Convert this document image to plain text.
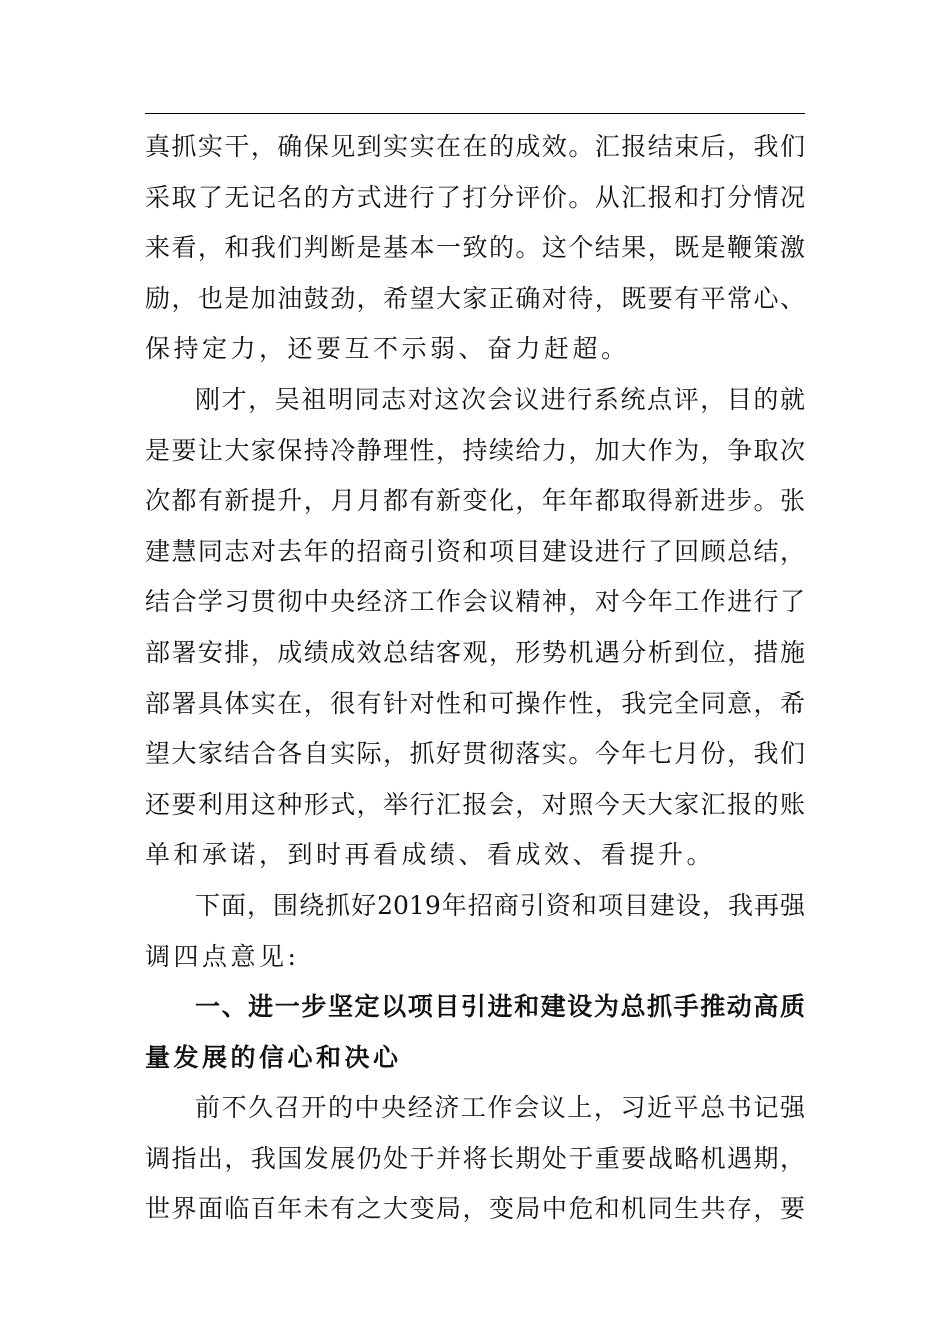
真抓实干，确保见到实实在在的成效。汇报结束后，我们
采取了无记名的方式进行了打分评价。从汇报和打分情况
来看，和我们判断是基本一致的。这个结果，既是鞭策激
励，也是加油鼓劲，希望大家正确对待，既要有平常心、
保持定力，还要互不示弱、奋力赶超。
刚才，吴祖明同志对这次会议进行系统点评，目的就
是要让大家保持冷静理性，持续给力，加大作为，争取次
次都有新提升，月月都有新变化，年年都取得新进步。张
建慧同志对去年的招商引资和项目建设进行了回顾总结，
结合学习贯彻中央经济工作会议精神，对今年工作进行了
部署安排，成绩成效总结客观，形势机遇分析到位，措施
部署具体实在，很有针对性和可操作性，我完全同意，希
望大家结合各自实际，抓好贯彻落实。今年七月份，我们
还要利用这种形式，举行汇报会，对照今天大家汇报的账
单和承诺，到时再看成绩、看成效、看提升。
下面，围绕抓好2019年招商引资和项目建设，我再强
调四点意见:
一、进一步坚定以项目引进和建设为总抓手推动高质
量发展的信心和决心
前不久召开的中央经济工作会议上，习近平总书记强
调指出，我国发展仍处于并将长期处于重要战略机遇期，
世界面临百年未有之大变局，变局中危和机同生共存，要
